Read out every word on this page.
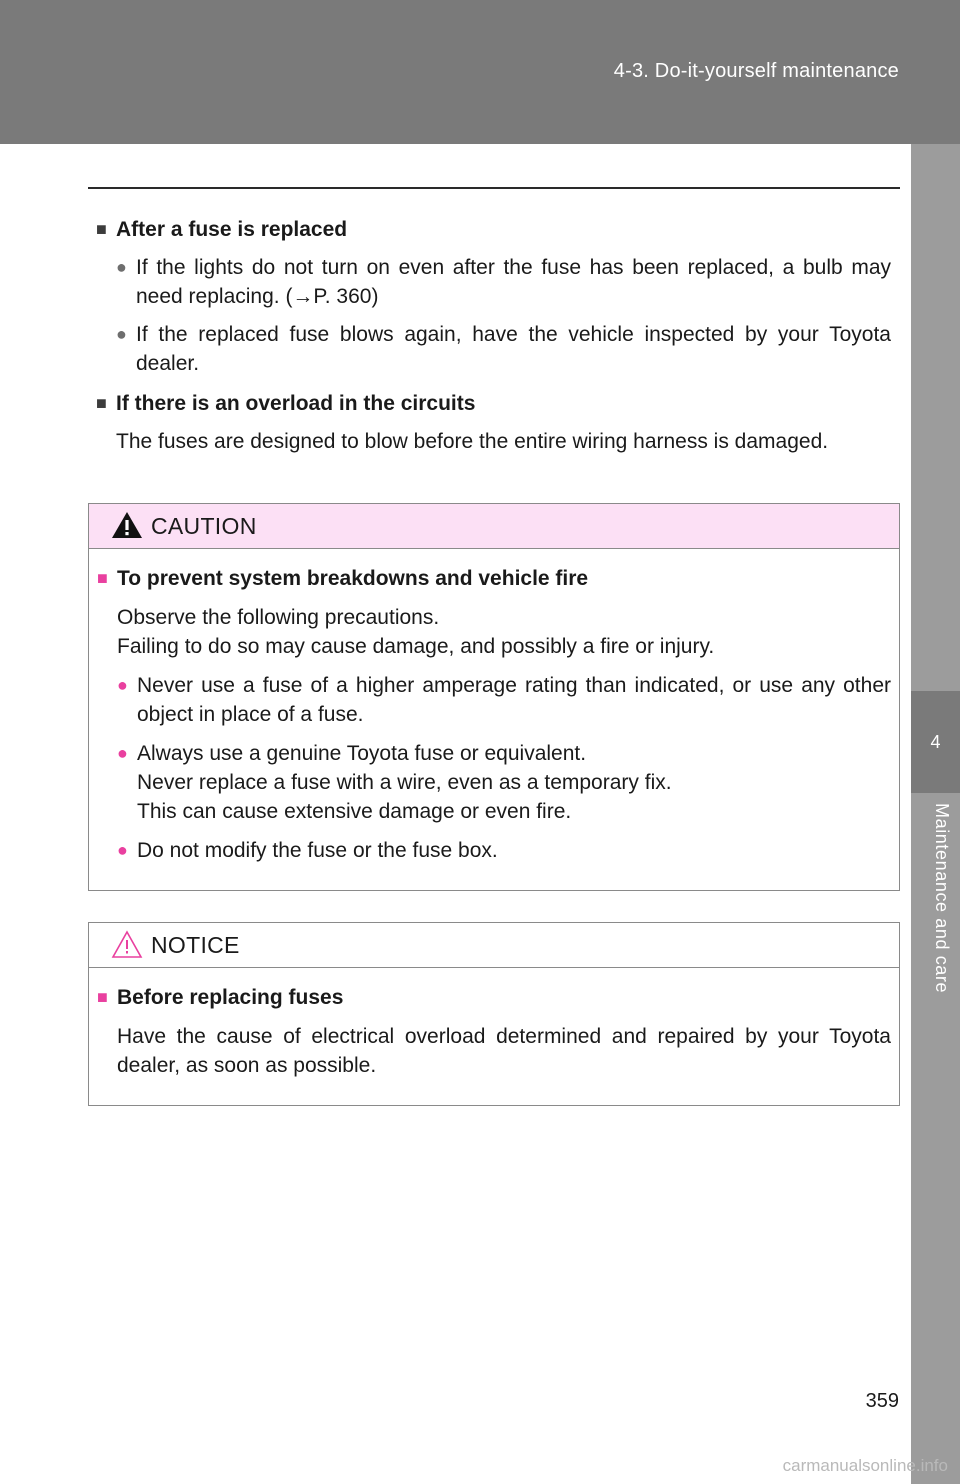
4-3. Do-it-yourself maintenance
4
Maintenance and care
■ After a fuse is replaced
● If the lights do not turn on even after the fuse has been replaced, a bulb may need replacing. (→P. 360)
● If the replaced fuse blows again, have the vehicle inspected by your Toyota dealer.
■ If there is an overload in the circuits
The fuses are designed to blow before the entire wiring harness is damaged.
CAUTION
■ To prevent system breakdowns and vehicle fire
Observe the following precautions.
Failing to do so may cause damage, and possibly a fire or injury.
● Never use a fuse of a higher amperage rating than indicated, or use any other object in place of a fuse.
● Always use a genuine Toyota fuse or equivalent.
Never replace a fuse with a wire, even as a temporary fix.
This can cause extensive damage or even fire.
● Do not modify the fuse or the fuse box.
NOTICE
■ Before replacing fuses
Have the cause of electrical overload determined and repaired by your Toyota dealer, as soon as possible.
359
carmanualsonline.info
